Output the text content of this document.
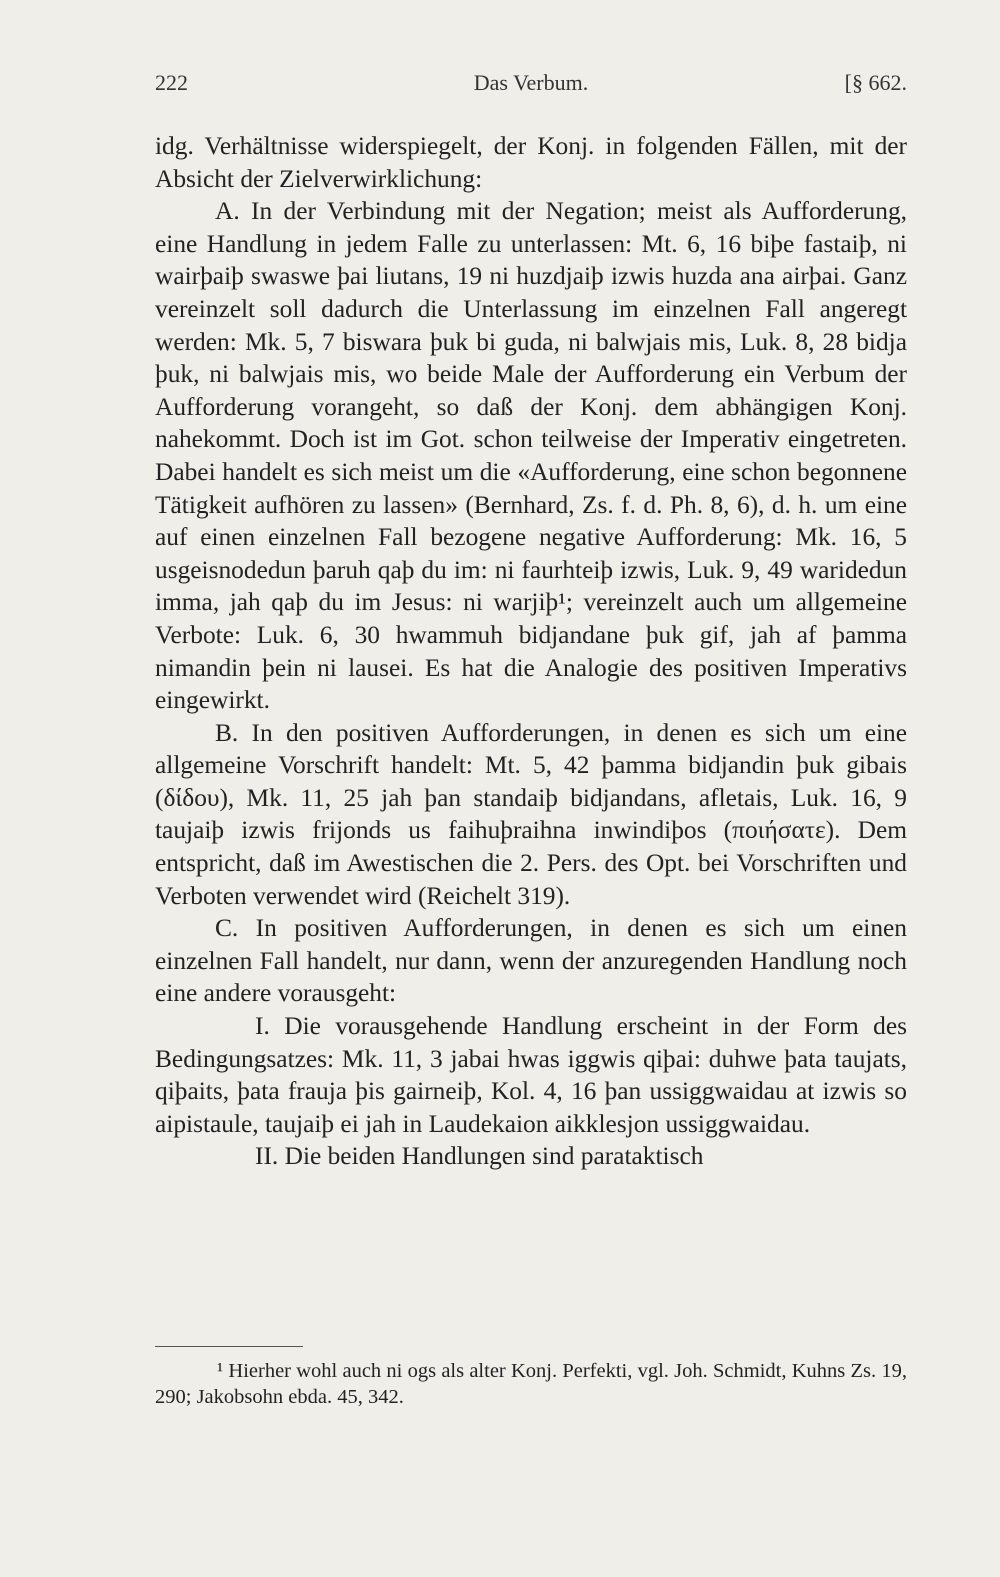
222	Das Verbum.	[§ 662.

idg. Verhältnisse widerspiegelt, der Konj. in folgenden Fällen, mit der Absicht der Zielverwirklichung:

A. In der Verbindung mit der Negation; meist als Aufforderung, eine Handlung in jedem Falle zu unterlassen: Mt. 6, 16 biþe fastaiþ, ni wairþaiþ swaswe þai liutans, 19 ni huzdjaiþ izwis huzda ana airþai. Ganz vereinzelt soll dadurch die Unterlassung im einzelnen Fall angeregt werden: Mk. 5, 7 biswara þuk bi guda, ni balwjais mis, Luk. 8, 28 bidja þuk, ni balwjais mis, wo beide Male der Aufforderung ein Verbum der Aufforderung vorangeht, so daß der Konj. dem abhängigen Konj. nahekommt. Doch ist im Got. schon teilweise der Imperativ eingetreten. Dabei handelt es sich meist um die «Aufforderung, eine schon begonnene Tätigkeit aufhören zu lassen» (Bernhard, Zs. f. d. Ph. 8, 6), d. h. um eine auf einen einzelnen Fall bezogene negative Aufforderung: Mk. 16, 5 usgeisnodedun þaruh qaþ du im: ni faurhteiþ izwis, Luk. 9, 49 waridedun imma, jah qaþ du im Jesus: ni warjiþ¹; vereinzelt auch um allgemeine Verbote: Luk. 6, 30 hwammuh bidjandane þuk gif, jah af þamma nimandin þein ni lausei. Es hat die Analogie des positiven Imperativs eingewirkt.

B. In den positiven Aufforderungen, in denen es sich um eine allgemeine Vorschrift handelt: Mt. 5, 42 þamma bidjandin þuk gibais (δίδου), Mk. 11, 25 jah þan standaiþ bidjandans, afletais, Luk. 16, 9 taujaiþ izwis frijonds us faihuþraihna inwindiþos (ποιήσατε). Dem entspricht, daß im Awestischen die 2. Pers. des Opt. bei Vorschriften und Verboten verwendet wird (Reichelt 319).

C. In positiven Aufforderungen, in denen es sich um einen einzelnen Fall handelt, nur dann, wenn der anzuregenden Handlung noch eine andere vorausgeht:

I. Die vorausgehende Handlung erscheint in der Form des Bedingungsatzes: Mk. 11, 3 jabai hwas iggwis qiþai: duhwe þata taujats, qiþaits, þata frauja þis gairneiþ, Kol. 4, 16 þan ussiggwaidau at izwis so aipistaule, taujaiþ ei jah in Laudekaion aikklesjon ussiggwaidau.

II. Die beiden Handlungen sind parataktisch

¹ Hierher wohl auch ni ogs als alter Konj. Perfekti, vgl. Joh. Schmidt, Kuhns Zs. 19, 290; Jakobsohn ebda. 45, 342.
